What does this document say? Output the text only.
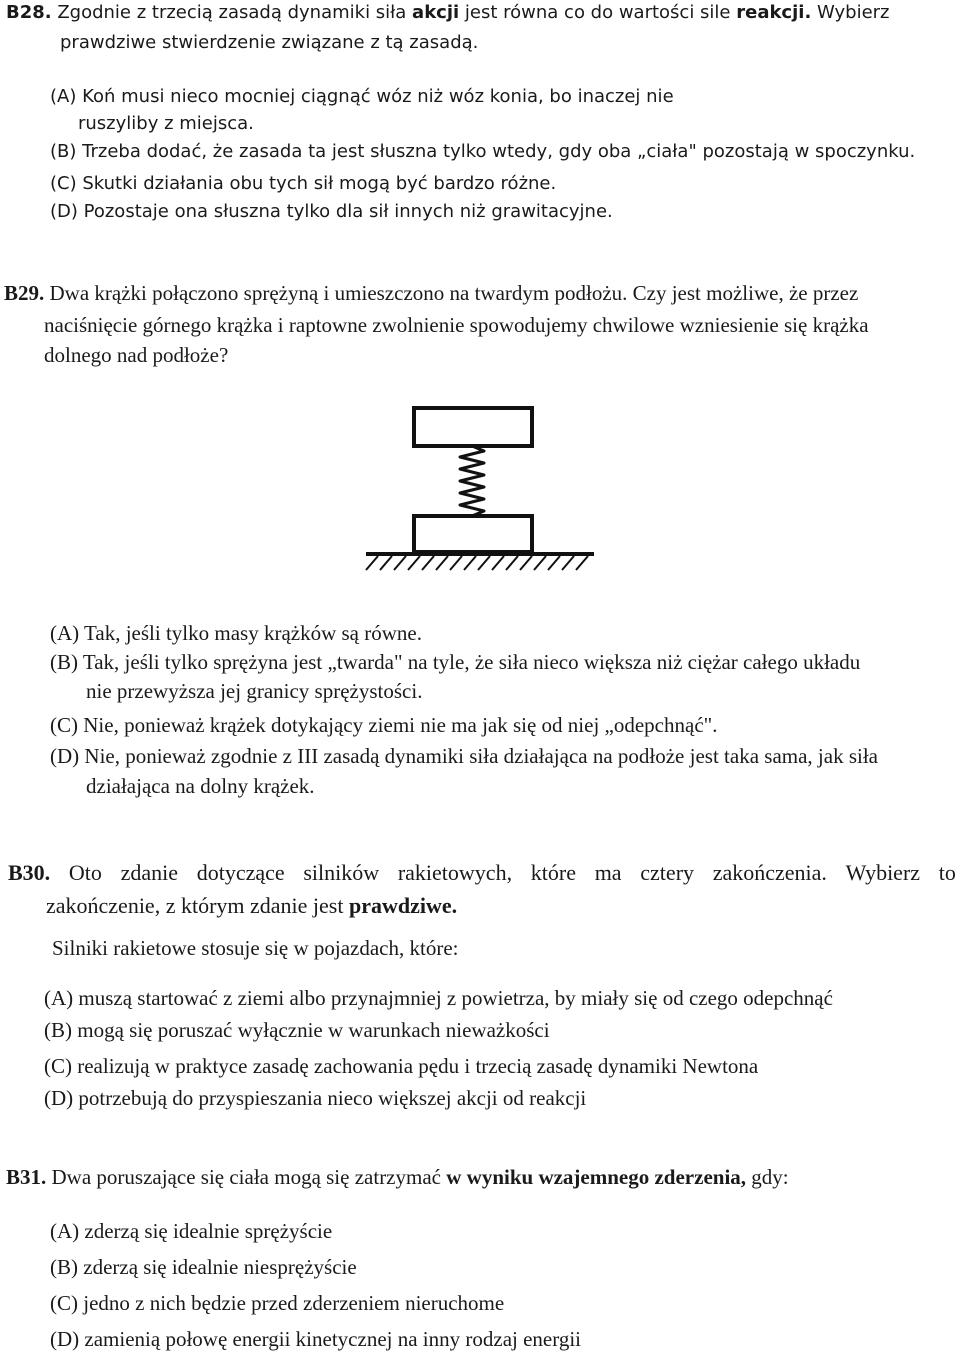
B28. Zgodnie z trzecią zasadą dynamiki siła akcji jest równa co do wartości sile reakcji. Wybierz

prawdziwe stwierdzenie związane z tą zasadą.

(A) Koń musi nieco mocniej ciągnąć wóz niż wóz konia, bo inaczej nie

ruszyliby z miejsca.

(B) Trzeba dodać, że zasada ta jest słuszna tylko wtedy, gdy oba „ciała" pozostają w spoczynku.

(C) Skutki działania obu tych sił mogą być bardzo różne.

(D) Pozostaje ona słuszna tylko dla sił innych niż grawitacyjne.

B29. Dwa krążki połączono sprężyną i umieszczono na twardym podłożu. Czy jest możliwe, że przez

naciśnięcie górnego krążka i raptowne zwolnienie spowodujemy chwilowe wzniesienie się krążka

dolnego nad podłoże?

(A) Tak, jeśli tylko masy krążków są równe.

(B) Tak, jeśli tylko sprężyna jest „twarda" na tyle, że siła nieco większa niż ciężar całego układu

nie przewyższa jej granicy sprężystości.

(C) Nie, ponieważ krążek dotykający ziemi nie ma jak się od niej „odepchnąć".

(D) Nie, ponieważ zgodnie z III zasadą dynamiki siła działająca na podłoże jest taka sama, jak siła

działająca na dolny krążek.

B30. Oto zdanie dotyczące silników rakietowych, które ma cztery zakończenia. Wybierz to

zakończenie, z którym zdanie jest prawdziwe.

Silniki rakietowe stosuje się w pojazdach, które:

(A) muszą startować z ziemi albo przynajmniej z powietrza, by miały się od czego odepchnąć

(B) mogą się poruszać wyłącznie w warunkach nieważkości

(C) realizują w praktyce zasadę zachowania pędu i trzecią zasadę dynamiki Newtona

(D) potrzebują do przyspieszania nieco większej akcji od reakcji

B31. Dwa poruszające się ciała mogą się zatrzymać w wyniku wzajemnego zderzenia, gdy:

(A) zderzą się idealnie sprężyście

(B) zderzą się idealnie niesprężyście

(C) jedno z nich będzie przed zderzeniem nieruchome

(D) zamienią połowę energii kinetycznej na inny rodzaj energii
